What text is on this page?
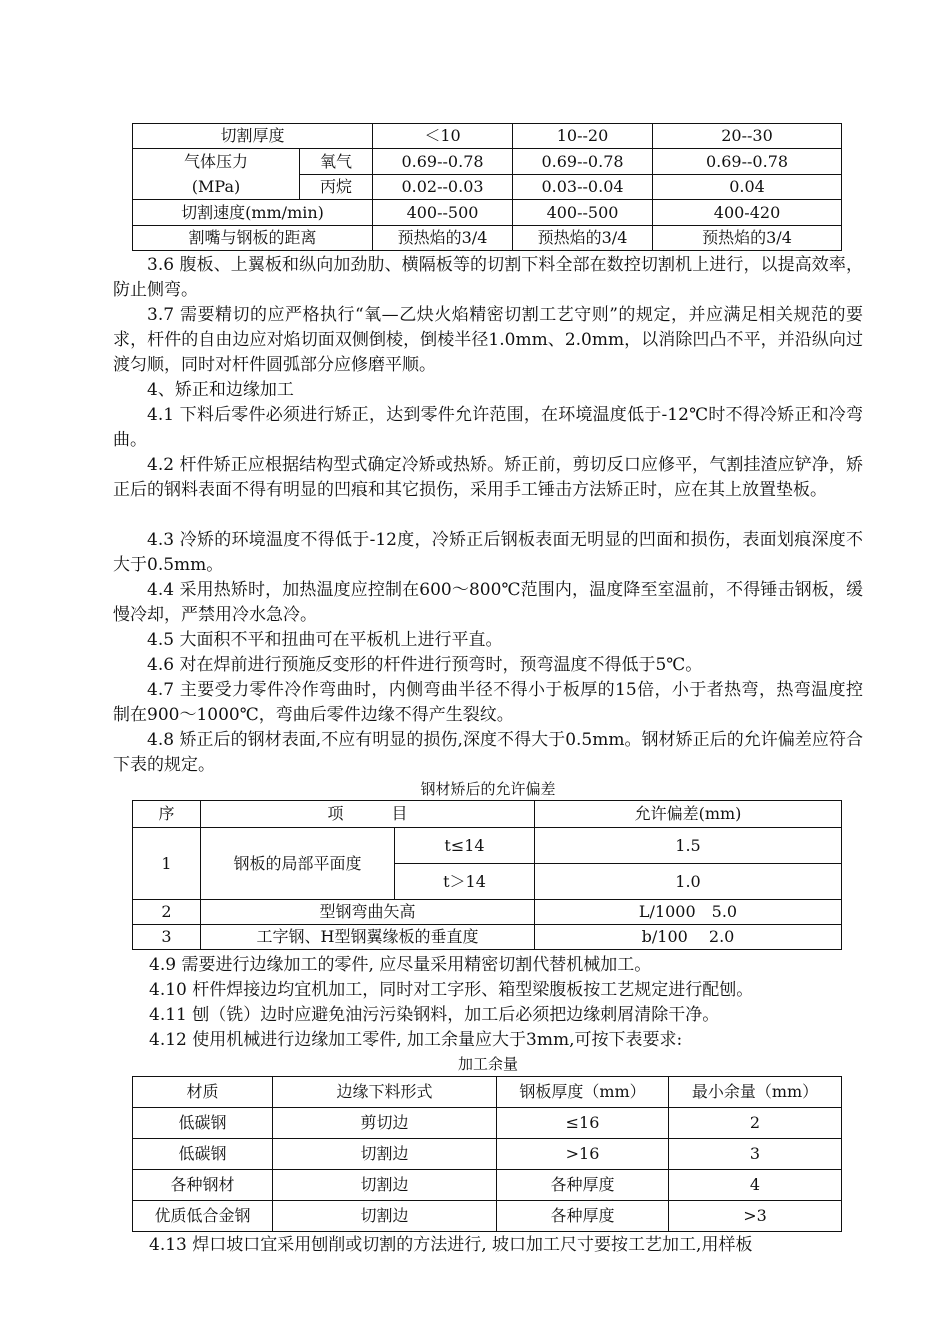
切割厚度		＜10	10--20	20--30

气体压力
(MPa)	氧气	0.69--0.78	0.69--0.78	0.69--0.78
	丙烷	0.02--0.03	0.03--0.04	0.04
切割速度(mm/min)		400--500	400--500	400-420
割嘴与钢板的距离		预热焰的3/4	预热焰的3/4	预热焰的3/4
3.6 腹板、上翼板和纵向加劲肋、横隔板等的切割下料全部在数控切割机上进行，以提高效率，防止侧弯。
3.7 需要精切的应严格执行“氧—乙炔火焰精密切割工艺守则”的规定，并应满足相关规范的要求，杆件的自由边应对焰切面双侧倒棱，倒棱半径1.0mm、2.0mm，以消除凹凸不平，并沿纵向过渡匀顺，同时对杆件圆弧部分应修磨平顺。
4、矫正和边缘加工
4.1 下料后零件必须进行矫正，达到零件允许范围，在环境温度低于-12℃时不得冷矫正和冷弯曲。
4.2 杆件矫正应根据结构型式确定冷矫或热矫。矫正前，剪切反口应修平，气割挂渣应铲净，矫正后的钢料表面不得有明显的凹痕和其它损伤，采用手工锤击方法矫正时，应在其上放置垫板。
4.3 冷矫的环境温度不得低于-12度，冷矫正后钢板表面无明显的凹面和损伤，表面划痕深度不大于0.5mm。
4.4 采用热矫时，加热温度应控制在600～800℃范围内，温度降至室温前，不得锤击钢板，缓慢冷却，严禁用冷水急冷。
4.5 大面积不平和扭曲可在平板机上进行平直。
4.6 对在焊前进行预施反变形的杆件进行预弯时，预弯温度不得低于5℃。
4.7 主要受力零件冷作弯曲时，内侧弯曲半径不得小于板厚的15倍，小于者热弯，热弯温度控制在900～1000℃，弯曲后零件边缘不得产生裂纹。
4.8 矫正后的钢材表面,不应有明显的损伤,深度不得大于0.5mm。钢材矫正后的允许偏差应符合下表的规定。
钢材矫后的允许偏差
序	项　　　目		允许偏差(mm)
1	钢板的局部平面度	t≤14	1.5
		t＞14	1.0
2	型钢弯曲矢高		L/1000　5.0
3	工字钢、H型钢翼缘板的垂直度		b/100　 2.0
4.9 需要进行边缘加工的零件, 应尽量采用精密切割代替机械加工。
4.10 杆件焊接边均宜机加工，同时对工字形、箱型梁腹板按工艺规定进行配刨。
4.11 刨（铣）边时应避免油污污染钢料，加工后必须把边缘刺屑清除干净。
4.12 使用机械进行边缘加工零件, 加工余量应大于3mm,可按下表要求:
加工余量
材质	边缘下料形式	钢板厚度（mm）	最小余量（mm）
低碳钢	剪切边	≤16	2
低碳钢	切割边	>16	3
各种钢材	切割边	各种厚度	4
优质低合金钢	切割边	各种厚度	>3
4.13 焊口坡口宜采用刨削或切割的方法进行, 坡口加工尺寸要按工艺加工,用样板
